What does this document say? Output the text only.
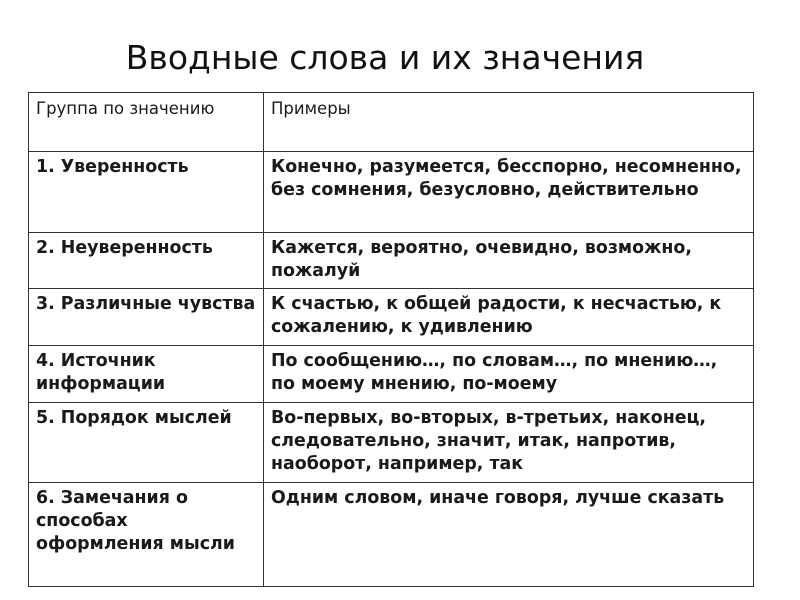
Вводные слова и их значения
Группа по значению	Примеры
1. Уверенность	Конечно, разумеется, бесспорно, несомненно, без сомнения, безусловно, действительно
2. Неуверенность	Кажется, вероятно, очевидно, возможно, пожалуй
3. Различные чувства	К счастью, к общей радости, к несчастью, к сожалению, к удивлению
4. Источник информации	По сообщению…, по словам…, по мнению…, по моему мнению, по-моему
5. Порядок мыслей	Во-первых, во-вторых, в-третьих, наконец, следовательно, значит, итак, напротив, наоборот, например, так
6. Замечания о способах оформления мысли	Одним словом, иначе говоря, лучше сказать
